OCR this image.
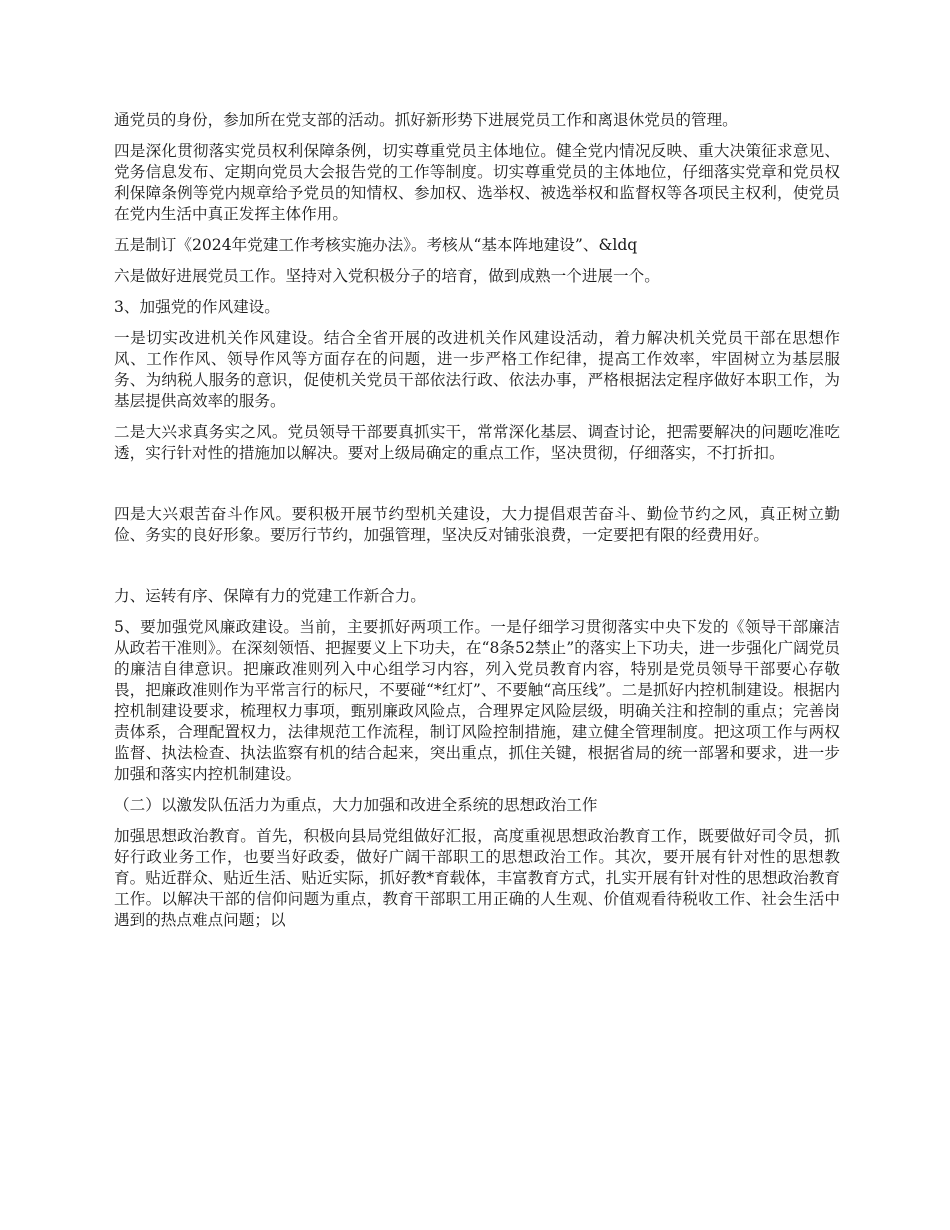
通党员的身份，参加所在党支部的活动。抓好新形势下进展党员工作和离退休党员的管理。

四是深化贯彻落实党员权利保障条例，切实尊重党员主体地位。健全党内情况反映、重大决策征求意见、党务信息发布、定期向党员大会报告党的工作等制度。切实尊重党员的主体地位，仔细落实党章和党员权利保障条例等党内规章给予党员的知情权、参加权、选举权、被选举权和监督权等各项民主权利，使党员在党内生活中真正发挥主体作用。

五是制订《2024年党建工作考核实施办法》。考核从“基本阵地建设”、&ldq

六是做好进展党员工作。坚持对入党积极分子的培育，做到成熟一个进展一个。

3、加强党的作风建设。

一是切实改进机关作风建设。结合全省开展的改进机关作风建设活动，着力解决机关党员干部在思想作风、工作作风、领导作风等方面存在的问题，进一步严格工作纪律，提高工作效率，牢固树立为基层服务、为纳税人服务的意识，促使机关党员干部依法行政、依法办事，严格根据法定程序做好本职工作，为基层提供高效率的服务。

二是大兴求真务实之风。党员领导干部要真抓实干，常常深化基层、调查讨论，把需要解决的问题吃准吃透，实行针对性的措施加以解决。要对上级局确定的重点工作，坚决贯彻，仔细落实，不打折扣。

四是大兴艰苦奋斗作风。要积极开展节约型机关建设，大力提倡艰苦奋斗、勤俭节约之风，真正树立勤俭、务实的良好形象。要厉行节约，加强管理，坚决反对铺张浪费，一定要把有限的经费用好。

力、运转有序、保障有力的党建工作新合力。

5、要加强党风廉政建设。当前，主要抓好两项工作。一是仔细学习贯彻落实中央下发的《领导干部廉洁从政若干准则》。在深刻领悟、把握要义上下功夫，在“8条52禁止”的落实上下功夫，进一步强化广阔党员的廉洁自律意识。把廉政准则列入中心组学习内容，列入党员教育内容，特别是党员领导干部要心存敬畏，把廉政准则作为平常言行的标尺，不要碰“*红灯”、不要触“高压线”。二是抓好内控机制建设。根据内控机制建设要求，梳理权力事项，甄别廉政风险点，合理界定风险层级，明确关注和控制的重点；完善岗责体系，合理配置权力，法律规范工作流程，制订风险控制措施，建立健全管理制度。把这项工作与两权监督、执法检查、执法监察有机的结合起来，突出重点，抓住关键，根据省局的统一部署和要求，进一步加强和落实内控机制建设。

（二）以激发队伍活力为重点，大力加强和改进全系统的思想政治工作

加强思想政治教育。首先，积极向县局党组做好汇报，高度重视思想政治教育工作，既要做好司令员，抓好行政业务工作，也要当好政委，做好广阔干部职工的思想政治工作。其次，要开展有针对性的思想教育。贴近群众、贴近生活、贴近实际，抓好教*育载体，丰富教育方式，扎实开展有针对性的思想政治教育工作。以解决干部的信仰问题为重点，教育干部职工用正确的人生观、价值观看待税收工作、社会生活中遇到的热点难点问题；以
